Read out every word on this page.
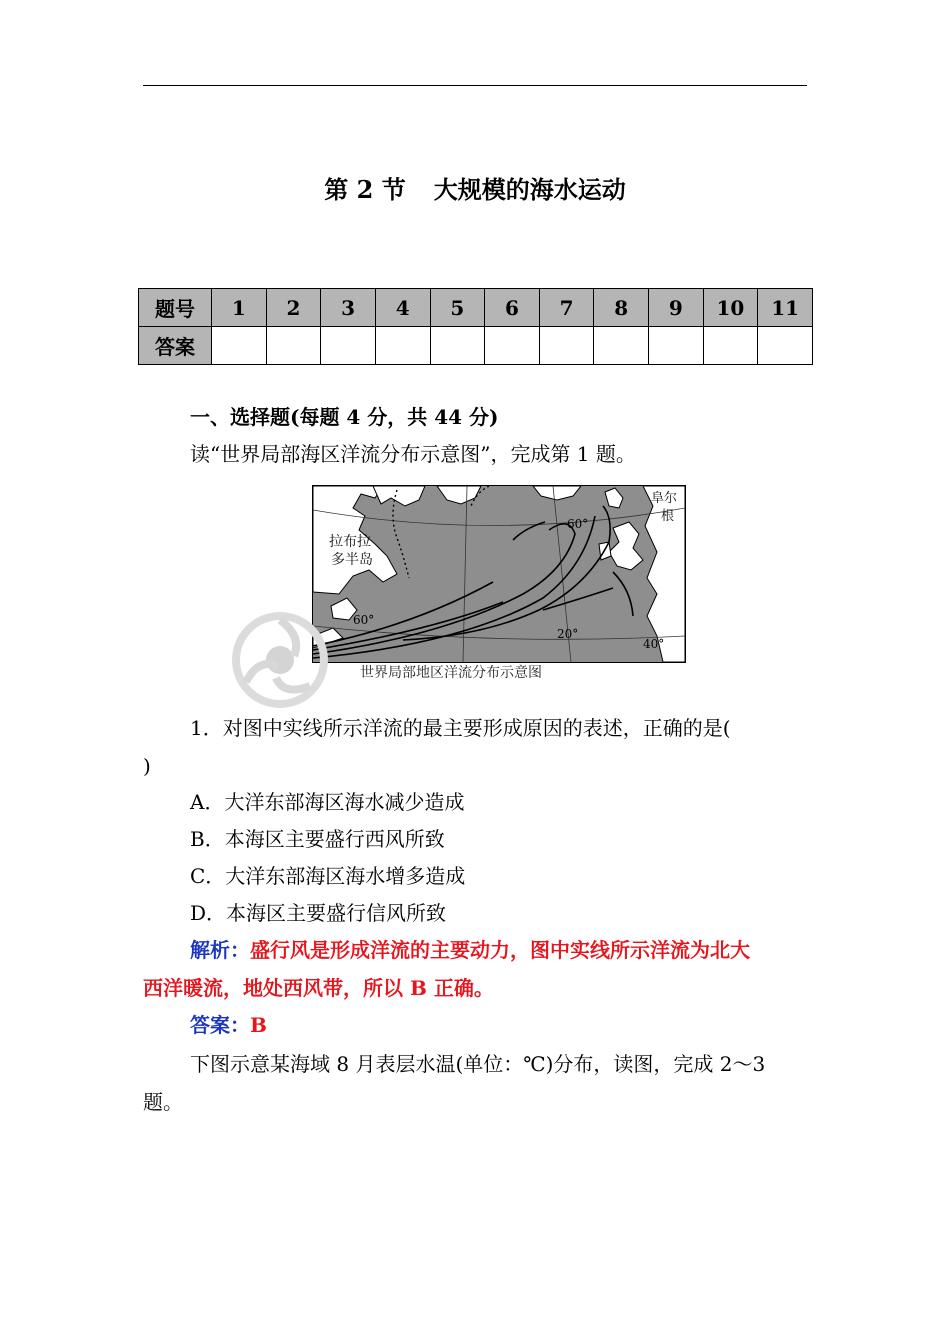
第 2 节 大规模的海水运动
题号	1	2	3	4	5	6	7	8	9	10	11
答案											
一、选择题(每题 4 分，共 44 分)
读“世界局部海区洋流分布示意图”，完成第 1 题。
拉布拉
多半岛
阜尔
根
60°
60°
20°
40°
世界局部地区洋流分布示意图
1．对图中实线所示洋流的最主要形成原因的表述，正确的是(
)
A．大洋东部海区海水减少造成
B．本海区主要盛行西风所致
C．大洋东部海区海水增多造成
D．本海区主要盛行信风所致
解析：盛行风是形成洋流的主要动力，图中实线所示洋流为北大
西洋暖流，地处西风带，所以 B 正确。
答案：B
下图示意某海域 8 月表层水温(单位：℃)分布，读图，完成 2～3
题。
